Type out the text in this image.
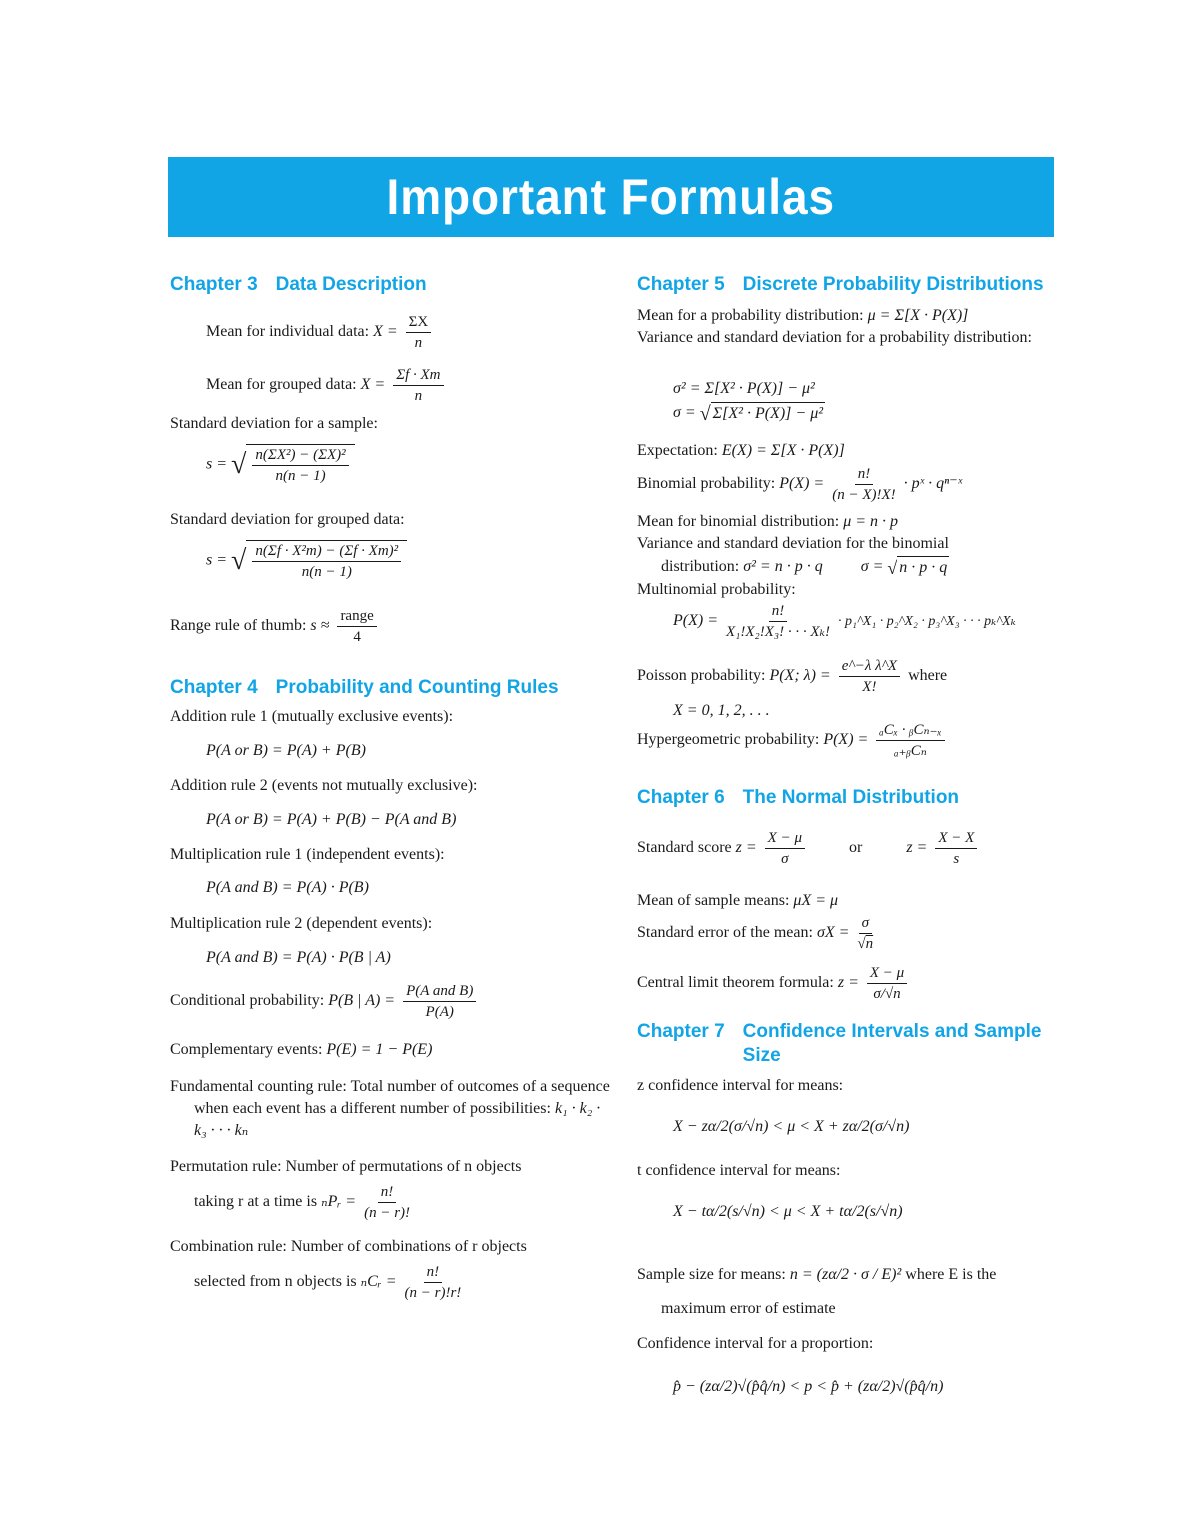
Important Formulas

Chapter 3 Data Description

Mean for individual data: $X = \frac{\Sigma X}{n}$
Mean for grouped data: $X = \frac{\Sigma f \cdot Xm}{n}$
Standard deviation for a sample:
s = √ $\frac{\text{n(ΣX²) − (ΣX)²}}{n(n - 1)}$
Standard deviation for grouped data:
s = √ $\frac{\text{n(Σf · X²m) − (Σf · Xm)²}}{n(n - 1)}$
Range rule of thumb: $s \approx \frac{\text{range}}{4}$

Chapter 4 Probability and Counting Rules

Addition rule 1 (mutually exclusive events):
P(A or B) = P(A) + P(B)
Addition rule 2 (events not mutually exclusive):
P(A or B) = P(A) + P(B) − P(A and B)
Multiplication rule 1 (independent events):
P(A and B) = P(A) · P(B)
Multiplication rule 2 (dependent events):
P(A and B) = P(A) · P(B | A)
Conditional probability: P(B | $A) = \frac{\text{P(A and B)}}{P(A)}$
Complementary events: P(E) = 1 − P(E)
Fundamental counting rule: Total number of outcomes of a sequence when each event has a different number of possibilities: k₁ · k₂ · k₃ · · · kₙ
Permutation rule: Number of permutations of n objects
taking r at a time is ₙPᵣ = $\frac{n!}{(n - r)!}$
Combination rule: Number of combinations of r objects
selected from n objects is ₙCᵣ = $\frac{n!}{(n - r)!r!}$

Chapter 5 Discrete Probability Distributions

Mean for a probability distribution: μ = Σ[X · P(X)]
Variance and standard deviation for a probability distribution:
σ² = Σ[X² · P(X)] − μ²
σ = √ Σ[X² · P(X)] − μ²
Expectation: E(X) = Σ[X · P(X)]
Binomial probability: $P(X) = \frac{n!}{(n - X)!X!}$ · pˣ · qⁿ⁻ˣ
Mean for binomial distribution: μ = n · p
Variance and standard deviation for the binomial
distribution: σ² = n · p · q σ = √ n · p · q
Multinomial probability:
$P(X) = \frac{n!}{\text{X₁!X₂!X₃! · · · Xₖ!}}$ · p₁^X₁ · p₂^X₂ · p₃^X₃ · · · pₖ^Xₖ
Poisson probability: P(X; $\lambda) = \frac{\text{e\textasciicircum{}−λ λ\textasciicircum{}X}}{X!}$ where
X = 0, 1, 2, . . .
Hypergeometric probability: $P(X) = \frac{\text{ₐCₓ · ᵦCₙ₋ₓ}}{\text{ₐ₊ᵦCₙ}}$

Chapter 6 The Normal Distribution

Standard score $z = \frac{X - \mu}{\sigma}$	or	$z = \frac{X - X}{s}$
Mean of sample means: μX = μ
Standard error of the mean: $\sigma X = \frac{\sigma}{√n}$
Central limit theorem formula: $z = \frac{X - \mu}{\sigma/√n}$

Chapter 7 Confidence Intervals and Sample Size

z confidence interval for means:
X − zα/2(σ/√n) < μ < X + zα/2(σ/√n)
t confidence interval for means:
X − tα/2(s/√n) < μ < X + tα/2(s/√n)
Sample size for means: n = (zα/2 · σ / E)² where E is the
maximum error of estimate
Confidence interval for a proportion:
p̂ − (zα/2)√(p̂q̂/n) < p < p̂ + (zα/2)√(p̂q̂/n)
